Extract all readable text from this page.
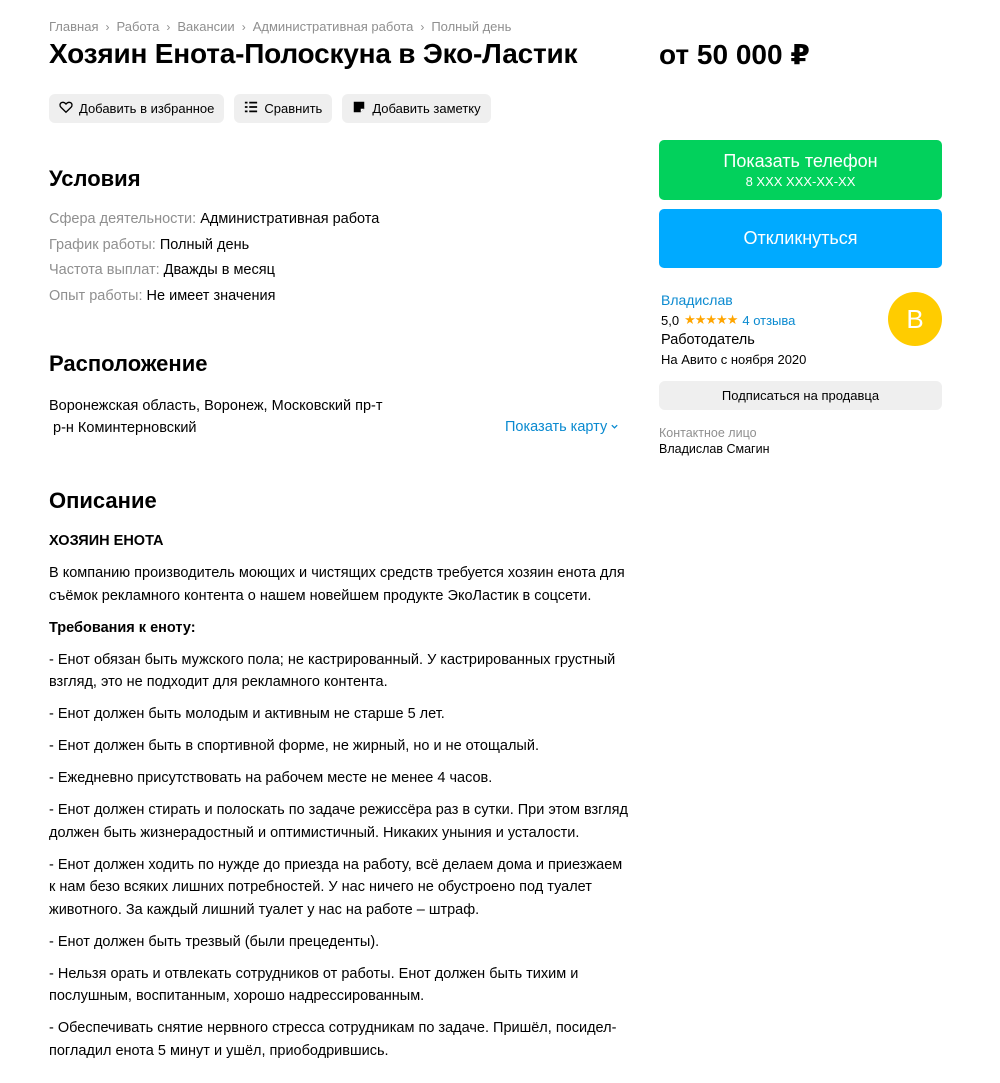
Главная › Работа › Вакансии › Административная работа › Полный день
Хозяин Енота-Полоскуна в Эко-Ластик	от 50 000 ₽
Добавить в избранное	Сравнить	Добавить заметку
Условия
Сфера деятельности: Административная работа
График работы: Полный день
Частота выплат: Дважды в месяц
Опыт работы: Не имеет значения
Расположение
Воронежская область, Воронеж, Московский пр-т
р-н Коминтерновский	Показать карту
Описание

ХОЗЯИН ЕНОТА

В компанию производитель моющих и чистящих средств требуется хозяин енота для съёмок рекламного контента о нашем новейшем продукте ЭкоЛастик в соцсети.

Требования к еноту:

- Енот обязан быть мужского пола; не кастрированный. У кастрированных грустный взгляд, это не подходит для рекламного контента.

- Енот должен быть молодым и активным не старше 5 лет.

- Енот должен быть в спортивной форме, не жирный, но и не отощалый.

- Ежедневно присутствовать на рабочем месте не менее 4 часов.

- Енот должен стирать и полоскать по задаче режиссёра раз в сутки. При этом взгляд должен быть жизнерадостный и оптимистичный. Никаких уныния и усталости.

- Енот должен ходить по нужде до приезда на работу, всё делаем дома и приезжаем к нам безо всяких лишних потребностей. У нас ничего не обустроено под туалет животного. За каждый лишний туалет у нас на работе – штраф.

- Енот должен быть трезвый (были прецеденты).

- Нельзя орать и отвлекать сотрудников от работы. Енот должен быть тихим и послушным, воспитанным, хорошо надрессированным.

- Обеспечивать снятие нервного стресса сотрудникам по задаче. Пришёл, посидел-погладил енота 5 минут и ушёл, приободрившись.

Показать телефон
8 XXX XXX-XX-XX
Откликнуться
Владислав
5,0 ★★★★★ 4 отзыва
Работодатель
На Авито с ноября 2020
В
Подписаться на продавца
Контактное лицо
Владислав Смагин
